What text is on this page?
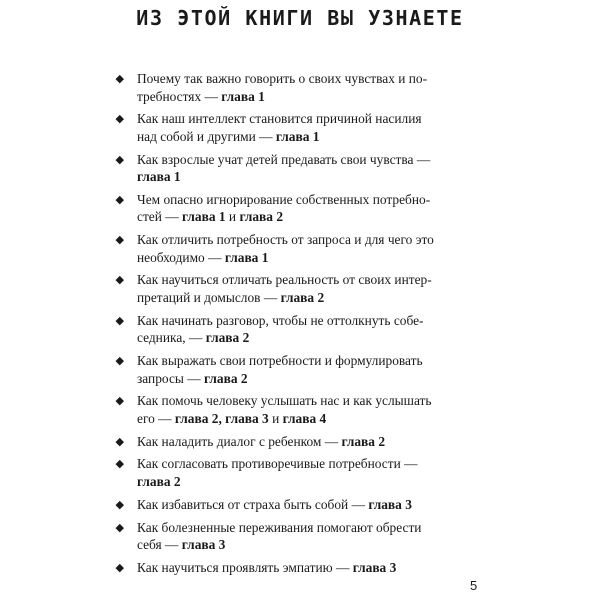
ИЗ ЭТОЙ КНИГИ ВЫ УЗНАЕТЕ
Почему так важно говорить о своих чувствах и по-
требностях — глава 1
Как наш интеллект становится причиной насилия
над собой и другими — глава 1
Как взрослые учат детей предавать свои чувства —
глава 1
Чем опасно игнорирование собственных потребно-
стей — глава 1 и глава 2
Как отличить потребность от запроса и для чего это
необходимо — глава 1
Как научиться отличать реальность от своих интер-
претаций и домыслов — глава 2
Как начинать разговор, чтобы не оттолкнуть собе-
седника, — глава 2
Как выражать свои потребности и формулировать
запросы — глава 2
Как помочь человеку услышать нас и как услышать
его — глава 2, глава 3 и глава 4
Как наладить диалог с ребенком — глава 2
Как согласовать противоречивые потребности —
глава 2
Как избавиться от страха быть собой — глава 3
Как болезненные переживания помогают обрести
себя — глава 3
Как научиться проявлять эмпатию — глава 3
5
